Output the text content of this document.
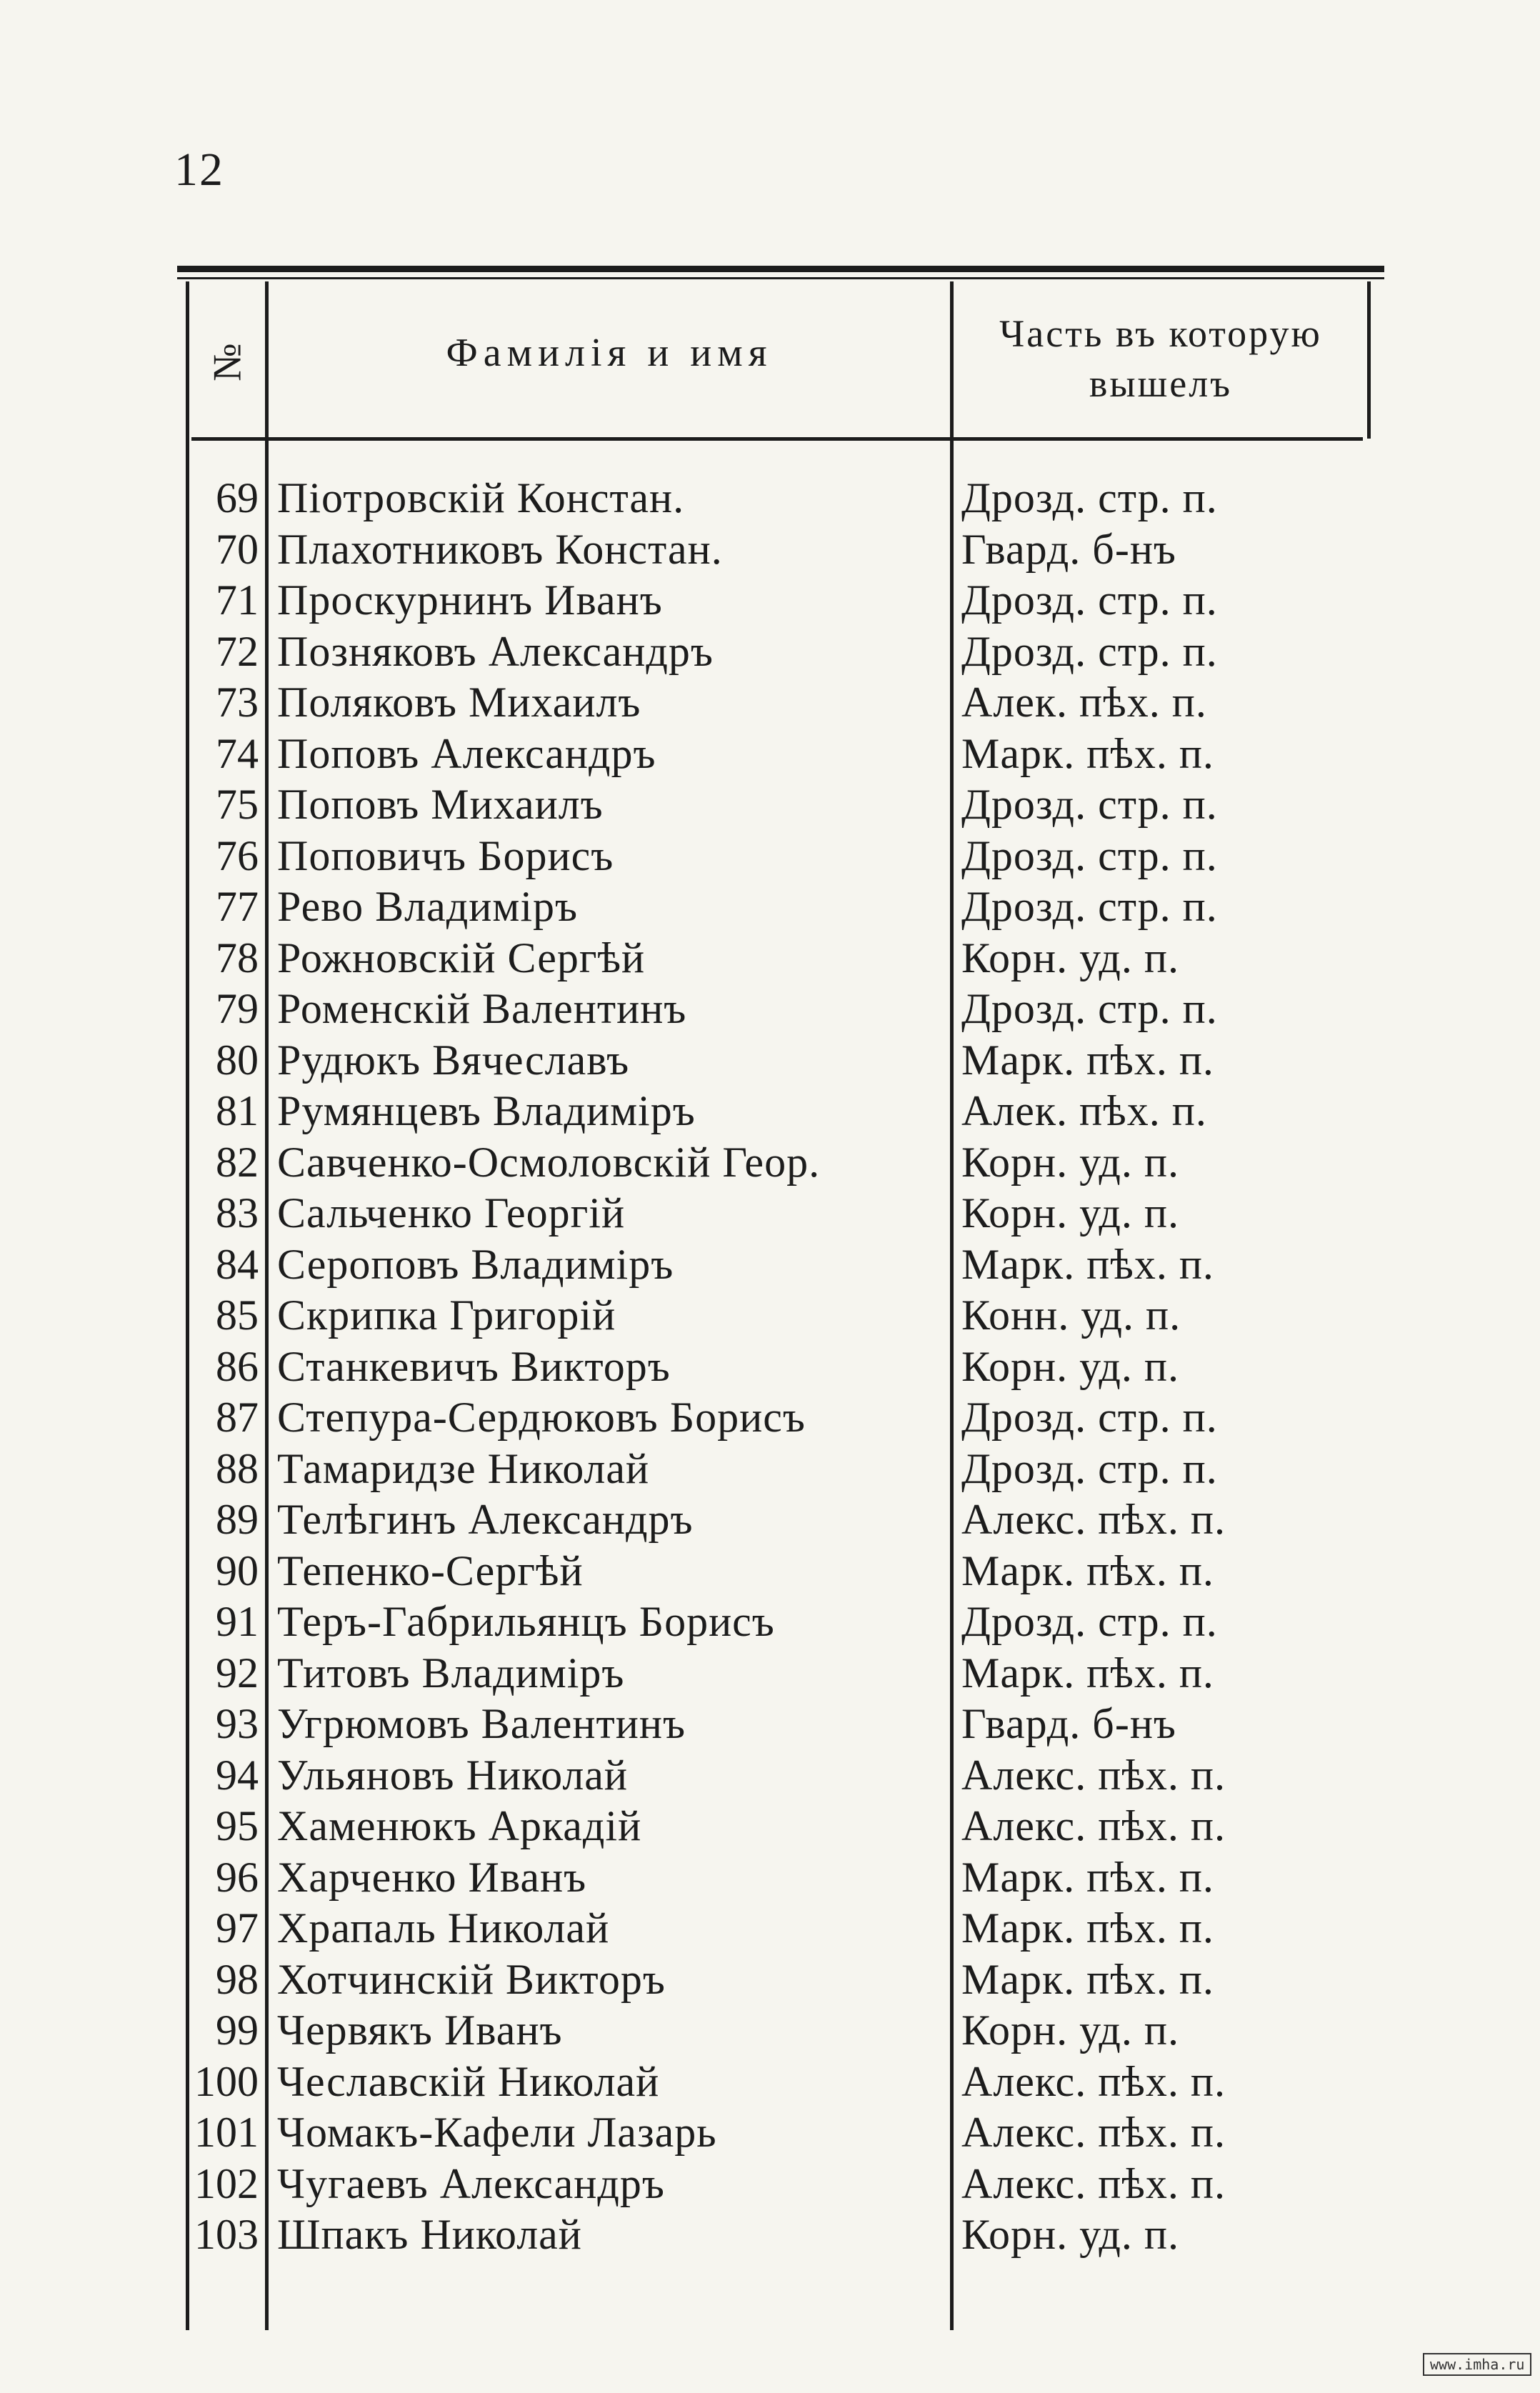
12
№	Фамилія и имя	Часть въ которую
вышелъ
69 Піотровскій Констан.	Дрозд. стр. п.
70 Плахотниковъ Констан.	Гвард. б-нъ
71 Проскурнинъ Иванъ	Дрозд. стр. п.
72 Позняковъ Александръ	Дрозд. стр. п.
73 Поляковъ Михаилъ	Алек. пѣх. п.
74 Поповъ Александръ	Марк. пѣх. п.
75 Поповъ Михаилъ	Дрозд. стр. п.
76 Поповичъ Борисъ	Дрозд. стр. п.
77 Рево Владиміръ	Дрозд. стр. п.
78 Рожновскій Сергѣй	Корн. уд. п.
79 Роменскій Валентинъ	Дрозд. стр. п.
80 Рудюкъ Вячеславъ	Марк. пѣх. п.
81 Румянцевъ Владиміръ	Алек. пѣх. п.
82 Савченко-Осмоловскій Геор.	Корн. уд. п.
83 Сальченко Георгій	Корн. уд. п.
84 Сероповъ Владиміръ	Марк. пѣх. п.
85 Скрипка Григорій	Конн. уд. п.
86 Станкевичъ Викторъ	Корн. уд. п.
87 Степура-Сердюковъ Борисъ	Дрозд. стр. п.
88 Тамаридзе Николай	Дрозд. стр. п.
89 Телѣгинъ Александръ	Алекс. пѣх. п.
90 Тепенко-Сергѣй	Марк. пѣх. п.
91 Теръ-Габрильянцъ Борисъ	Дрозд. стр. п.
92 Титовъ Владиміръ	Марк. пѣх. п.
93 Угрюмовъ Валентинъ	Гвард. б-нъ
94 Ульяновъ Николай	Алекс. пѣх. п.
95 Хаменюкъ Аркадій	Алекс. пѣх. п.
96 Харченко Иванъ	Марк. пѣх. п.
97 Храпаль Николай	Марк. пѣх. п.
98 Хотчинскій Викторъ	Марк. пѣх. п.
99 Червякъ Иванъ	Корн. уд. п.
100 Чеславскій Николай	Алекс. пѣх. п.
101 Чомакъ-Кафели Лазарь	Алекс. пѣх. п.
102 Чугаевъ Александръ	Алекс. пѣх. п.
103 Шпакъ Николай	Корн. уд. п.
www.imha.ru
